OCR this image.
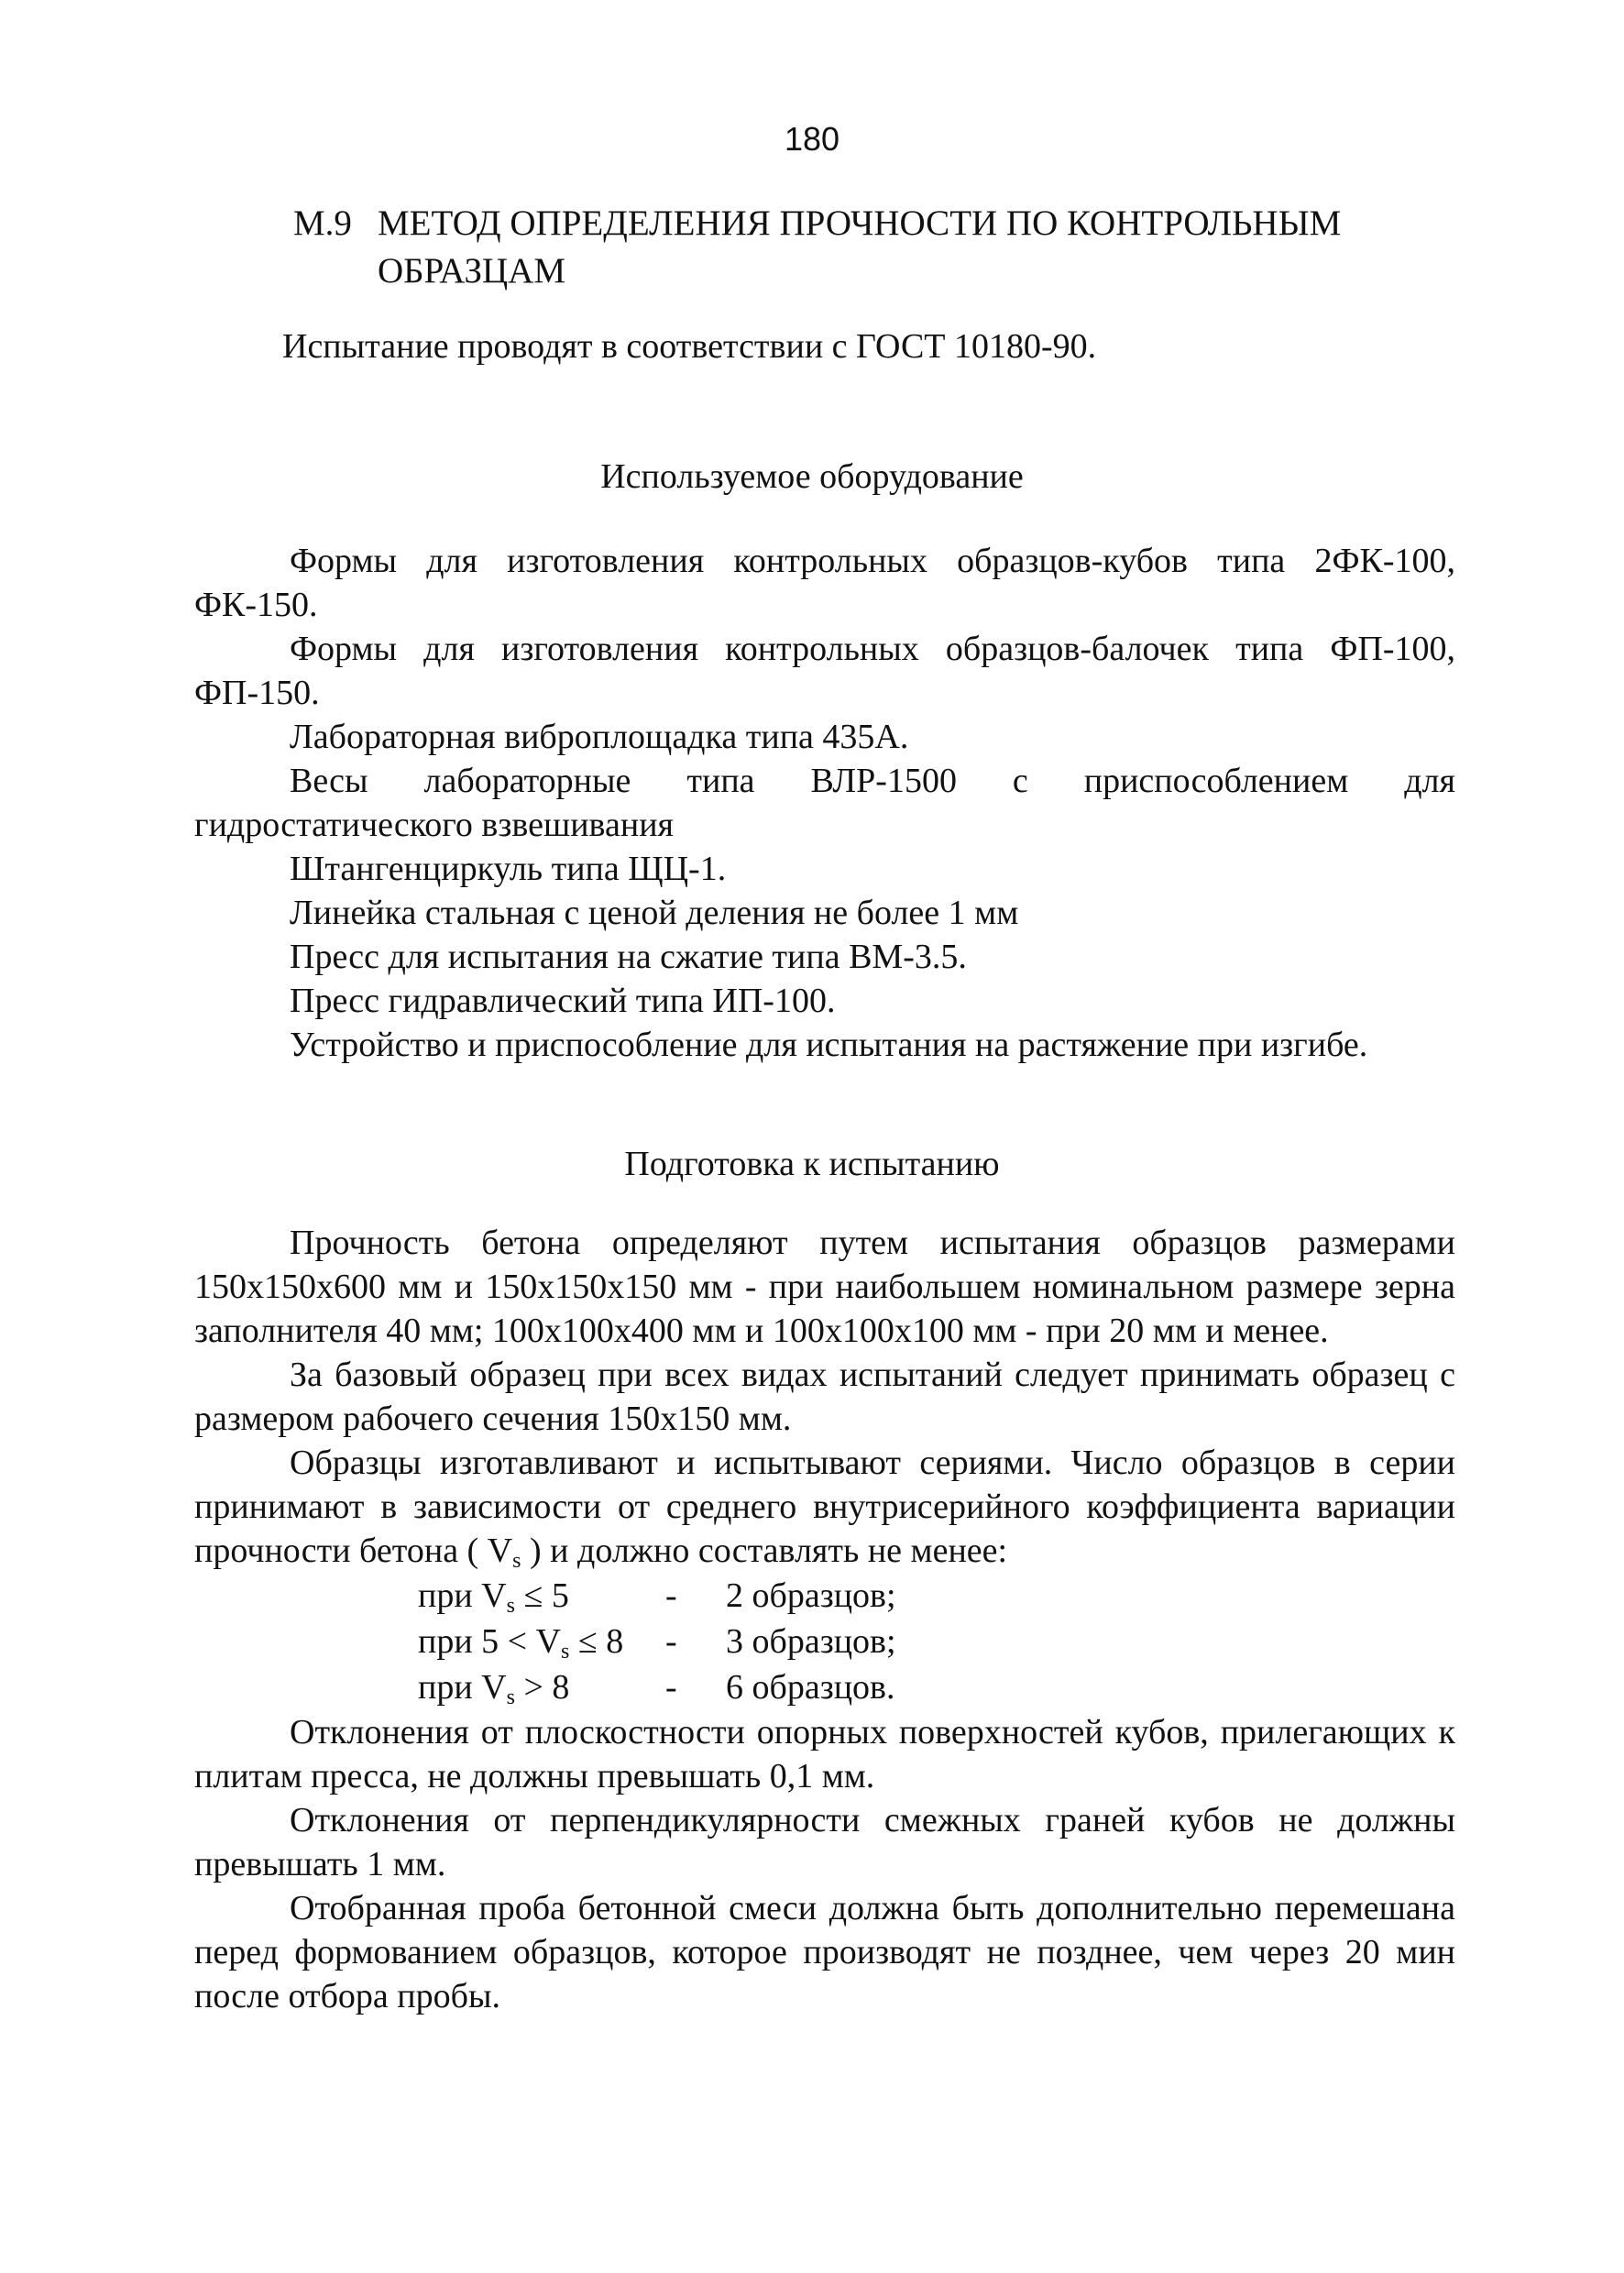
180
М.9 МЕТОД ОПРЕДЕЛЕНИЯ ПРОЧНОСТИ ПО КОНТРОЛЬНЫМ
ОБРАЗЦАМ

Испытание проводят в соответствии с ГОСТ 10180-90.

Используемое оборудование

Формы для изготовления контрольных образцов-кубов типа 2ФК-100, ФК-150.

Формы для изготовления контрольных образцов-балочек типа ФП-100, ФП-150.

Лабораторная виброплощадка типа 435А.

Весы лабораторные типа ВЛР-1500 с приспособлением для гидростатического взвешивания

Штангенциркуль типа ЩЦ-1.

Линейка стальная с ценой деления не более 1 мм

Пресс для испытания на сжатие типа ВМ-3.5.

Пресс гидравлический типа ИП-100.

Устройство и приспособление для испытания на растяжение при изгибе.

Подготовка к испытанию

Прочность бетона определяют путем испытания образцов размерами 150x150x600 мм и 150x150x150 мм - при наибольшем номинальном размере зерна заполнителя 40 мм; 100x100x400 мм и 100x100x100 мм - при 20 мм и менее.

За базовый образец при всех видах испытаний следует принимать образец с размером рабочего сечения 150x150 мм.

Образцы изготавливают и испытывают сериями. Число образцов в серии принимают в зависимости от среднего внутрисерийного коэффициента вариации прочности бетона ( $V_s$ ) и должно составлять не менее:

при $V_s \le 5$	-	2 образцов;
при $5 < V_s \le 8$	-	3 образцов;
при $V_s > 8$	-	6 образцов.

Отклонения от плоскостности опорных поверхностей кубов, прилегающих к плитам пресса, не должны превышать 0,1 мм.

Отклонения от перпендикулярности смежных граней кубов не должны превышать 1 мм.

Отобранная проба бетонной смеси должна быть дополнительно перемешана перед формованием образцов, которое производят не позднее, чем через 20 мин после отбора пробы.
